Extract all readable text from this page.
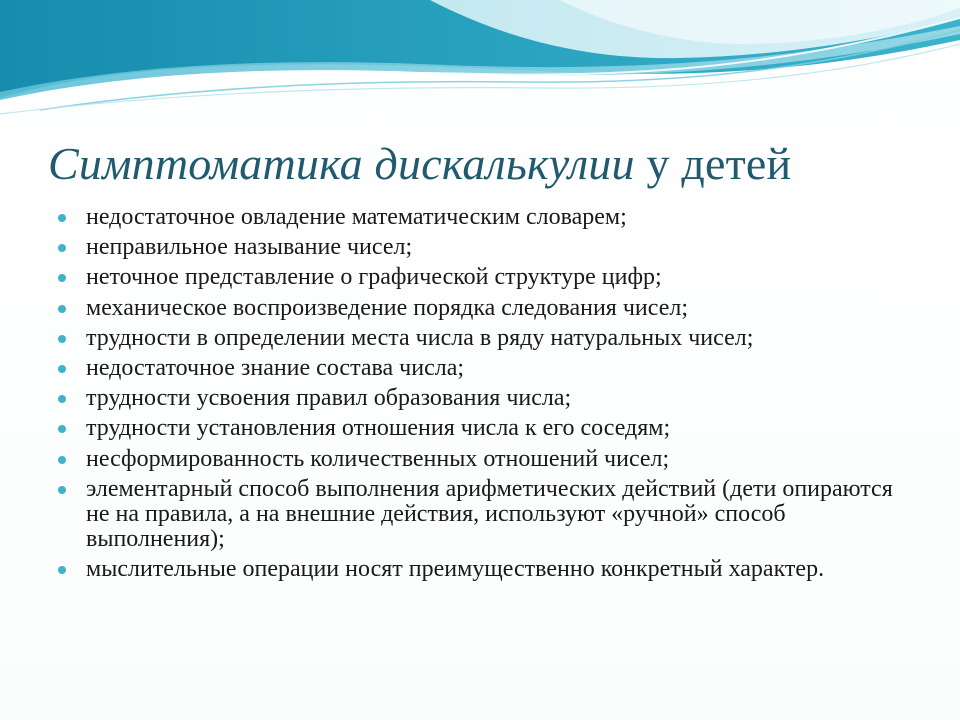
Симптоматика дискалькулии у детей
недостаточное овладение математическим словарем;
неправильное называние чисел;
неточное представление о графической структуре цифр;
механическое воспроизведение порядка следования чисел;
трудности в определении места числа в ряду натуральных чисел;
недостаточное знание состава числа;
трудности усвоения правил образования числа;
трудности установления отношения числа к его соседям;
несформированность количественных отношений чисел;
элементарный способ выполнения арифметических действий (дети опираются не на правила, а на внешние действия, используют «ручной» способ выполнения);
мыслительные операции носят преимущественно конкретный характер.
